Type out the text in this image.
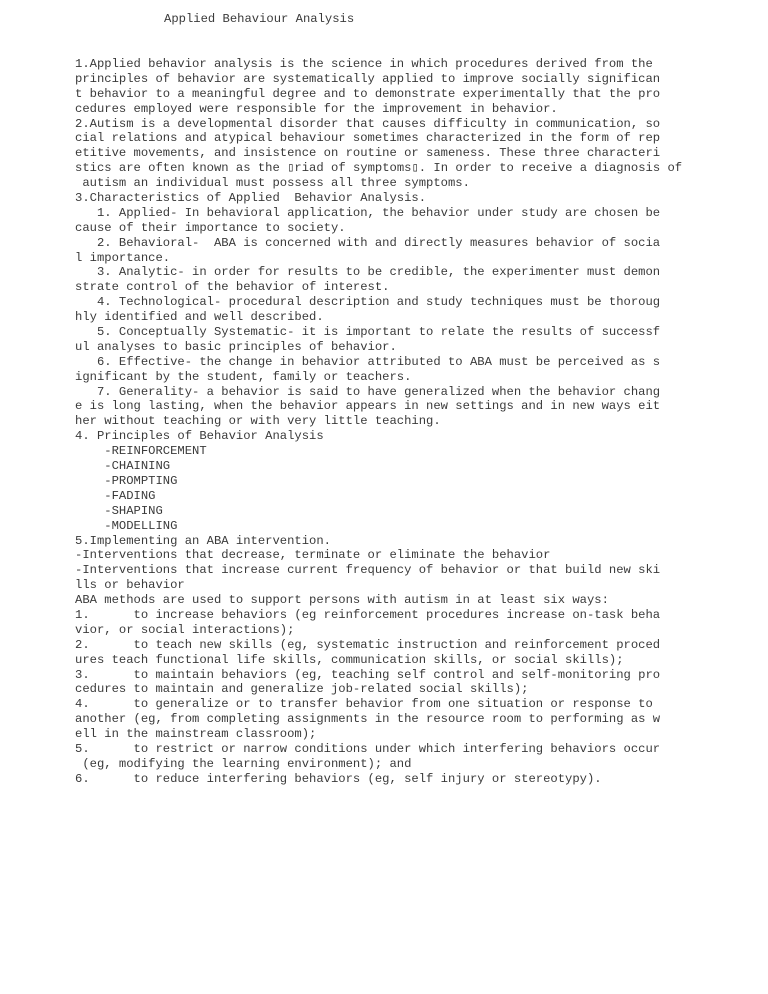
Applied Behaviour Analysis
1.Applied behavior analysis is the science in which procedures derived from the
principles of behavior are systematically applied to improve socially significan
t behavior to a meaningful degree and to demonstrate experimentally that the pro
cedures employed were responsible for the improvement in behavior.
2.Autism is a developmental disorder that causes difficulty in communication, so
cial relations and atypical behaviour sometimes characterized in the form of rep
etitive movements, and insistence on routine or sameness. These three characteri
stics are often known as the ▯riad of symptoms▯. In order to receive a diagnosis of
autism an individual must possess all three symptoms.
3.Characteristics of Applied  Behavior Analysis.
1. Applied- In behavioral application, the behavior under study are chosen be
cause of their importance to society.
2. Behavioral-  ABA is concerned with and directly measures behavior of socia
l importance.
3. Analytic- in order for results to be credible, the experimenter must demon
strate control of the behavior of interest.
4. Technological- procedural description and study techniques must be thoroug
hly identified and well described.
5. Conceptually Systematic- it is important to relate the results of successf
ul analyses to basic principles of behavior.
6. Effective- the change in behavior attributed to ABA must be perceived as s
ignificant by the student, family or teachers.
7. Generality- a behavior is said to have generalized when the behavior chang
e is long lasting, when the behavior appears in new settings and in new ways eit
her without teaching or with very little teaching.
4. Principles of Behavior Analysis
-REINFORCEMENT
-CHAINING
-PROMPTING
-FADING
-SHAPING
-MODELLING
5.Implementing an ABA intervention.
-Interventions that decrease, terminate or eliminate the behavior
-Interventions that increase current frequency of behavior or that build new ski
lls or behavior
ABA methods are used to support persons with autism in at least six ways:
1.      to increase behaviors (eg reinforcement procedures increase on-task beha
vior, or social interactions);
2.      to teach new skills (eg, systematic instruction and reinforcement proced
ures teach functional life skills, communication skills, or social skills);
3.      to maintain behaviors (eg, teaching self control and self-monitoring pro
cedures to maintain and generalize job-related social skills);
4.      to generalize or to transfer behavior from one situation or response to
another (eg, from completing assignments in the resource room to performing as w
ell in the mainstream classroom);
5.      to restrict or narrow conditions under which interfering behaviors occur
(eg, modifying the learning environment); and
6.      to reduce interfering behaviors (eg, self injury or stereotypy).
